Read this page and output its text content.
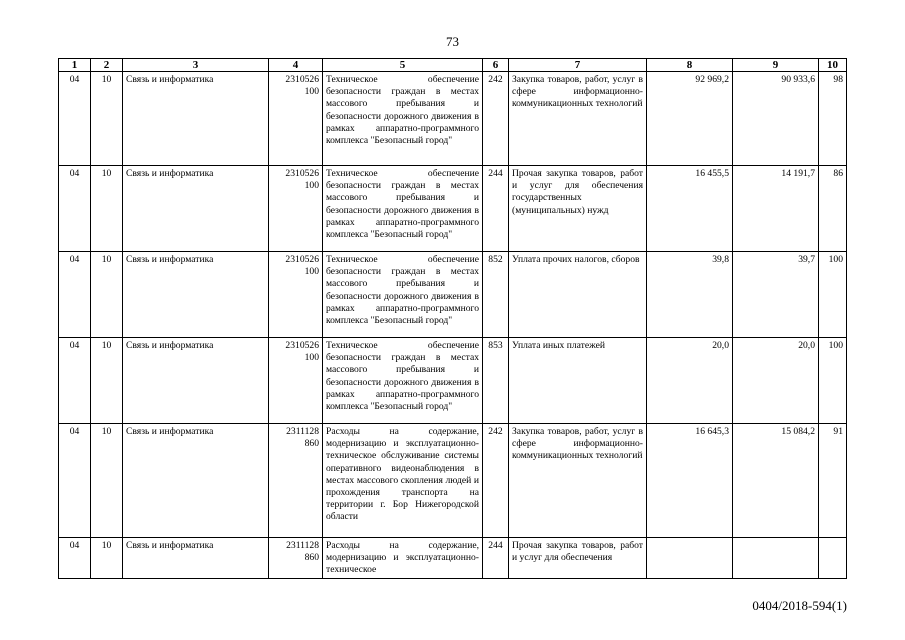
73
1	2	3	4	5	6	7	8	9	10
04	10	Связь и информатика	2310526 100	Техническое обеспечение безопасности граждан в местах массового пребывания и безопасности дорожного движения в рамках аппаратно-программного комплекса "Безопасный город"	242	Закупка товаров, работ, услуг в сфере информационно-коммуникационных технологий	92 969,2	90 933,6	98
04	10	Связь и информатика	2310526 100	Техническое обеспечение безопасности граждан в местах массового пребывания и безопасности дорожного движения в рамках аппаратно-программного комплекса "Безопасный город"	244	Прочая закупка товаров, работ и услуг для обеспечения государственных (муниципальных) нужд	16 455,5	14 191,7	86
04	10	Связь и информатика	2310526 100	Техническое обеспечение безопасности граждан в местах массового пребывания и безопасности дорожного движения в рамках аппаратно-программного комплекса "Безопасный город"	852	Уплата прочих налогов, сборов	39,8	39,7	100
04	10	Связь и информатика	2310526 100	Техническое обеспечение безопасности граждан в местах массового пребывания и безопасности дорожного движения в рамках аппаратно-программного комплекса "Безопасный город"	853	Уплата иных платежей	20,0	20,0	100
04	10	Связь и информатика	2311128 860	Расходы на содержание, модернизацию и эксплуатационно-техническое обслуживание системы оперативного видеонаблюдения в местах массового скопления людей и прохождения транспорта на территории г. Бор Нижегородской области	242	Закупка товаров, работ, услуг в сфере информационно-коммуникационных технологий	16 645,3	15 084,2	91
04	10	Связь и информатика	2311128 860	Расходы на содержание, модернизацию и эксплуатационно-техническое	244	Прочая закупка товаров, работ и услуг для обеспечения			
0404/2018-594(1)
